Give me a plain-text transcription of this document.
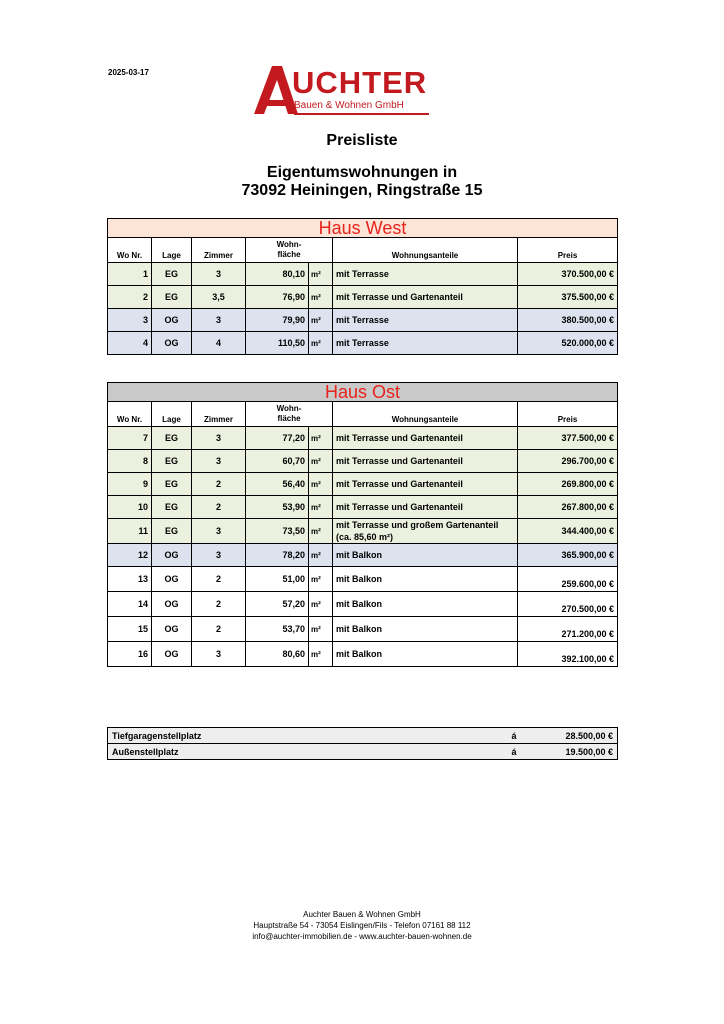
2025-03-17	UCHTER
Bauen & Wohnen GmbH
Preisliste
Eigentumswohnungen in
73092 Heiningen, Ringstraße 15
Haus West						
Wo Nr.	Lage	Zimmer	Wohn-
fläche		Wohnungsanteile	Preis
1	EG	3	80,10	m²	mit Terrasse	370.500,00 €
2	EG	3,5	76,90	m²	mit Terrasse und Gartenanteil	375.500,00 €
3	OG	3	79,90	m²	mit Terrasse	380.500,00 €
4	OG	4	110,50	m²	mit Terrasse	520.000,00 €
Haus Ost						
Wo Nr.	Lage	Zimmer	Wohn-
fläche		Wohnungsanteile	Preis
7	EG	3	77,20	m²	mit Terrasse und Gartenanteil	377.500,00 €
8	EG	3	60,70	m²	mit Terrasse und Gartenanteil	296.700,00 €
9	EG	2	56,40	m²	mit Terrasse und Gartenanteil	269.800,00 €
10	EG	2	53,90	m²	mit Terrasse und Gartenanteil	267.800,00 €
11	EG	3	73,50	m²	mit Terrasse und großem Gartenanteil (ca. 85,60 m²)	344.400,00 €
12	OG	3	78,20	m²	mit Balkon	365.900,00 €
13	OG	2	51,00	m²	mit Balkon	259.600,00 €
14	OG	2	57,20	m²	mit Balkon	270.500,00 €
15	OG	2	53,70	m²	mit Balkon	271.200,00 €
16	OG	3	80,60	m²	mit Balkon	392.100,00 €
Tiefgaragenstellplatz	á	28.500,00 €
Außenstellplatz	á	19.500,00 €
Auchter Bauen & Wohnen GmbH
Hauptstraße 54 - 73054 Eislingen/Fils - Telefon 07161 88 112
info@auchter-immobilien.de - www.auchter-bauen-wohnen.de
